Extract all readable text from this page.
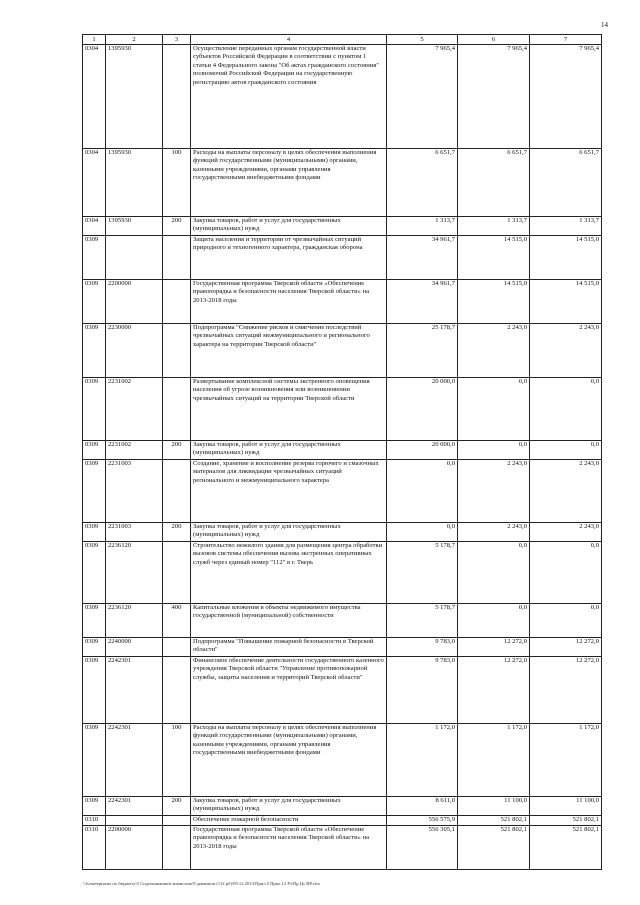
14
1	2	3	4	5	6	7
0304	1395930		Осуществление переданных органам государственной власти субъектов Российской Федерации в соответствии с пунктом 1 статьи 4 Федерального закона "Об актах гражданского состояния" полномочий Российской Федерации на государственную регистрацию актов гражданского состояния	7 965,4	7 965,4	7 965,4
0304	1395930	100	Расходы на выплаты персоналу в целях обеспечения выполнения функций государственными (муниципальными) органами, казенными учреждениями, органами управления государственными внебюджетными фондами	6 651,7	6 651,7	6 651,7
0304	1395930	200	Закупка товаров, работ и услуг для государственных (муниципальных) нужд	1 313,7	1 313,7	1 313,7
0309			Защита населения и территории от чрезвычайных ситуаций природного и техногенного характера, гражданская оборона	34 961,7	14 515,0	14 515,0
0309	2200000		Государственная программа Тверской области «Обеспечение правопорядка и безопасности населения Тверской области» на 2013-2018 годы	34 961,7	14 515,0	14 515,0
0309	2230000		Подпрограмма "Снижение рисков и смягчение последствий чрезвычайных ситуаций межмуниципального и регионального характера на территории Тверской области"	25 178,7	2 243,0	2 243,0
0309	2231002		Развертывание комплексной системы экстренного оповещения населения об угрозе возникновения или возникновении чрезвычайных ситуаций на территории Тверской области	20 000,0	0,0	0,0
0309	2231002	200	Закупка товаров, работ и услуг для государственных (муниципальных) нужд	20 000,0	0,0	0,0
0309	2231003		Создание, хранение и восполнение резерва горючего и смазочных материалов для ликвидации чрезвычайных ситуаций регионального и межмуниципального характера	0,0	2 243,0	2 243,0
0309	2231003	200	Закупка товаров, работ и услуг для государственных (муниципальных) нужд	0,0	2 243,0	2 243,0
0309	2236120		Строительство нежилого здания для размещения центра обработки вызовов системы обеспечения вызова экстренных оперативных служб через единый номер "112" в г. Тверь	5 178,7	0,0	0,0
0309	2236120	400	Капитальные вложения в объекты недвижимого имущества государственной (муниципальной) собственности	5 178,7	0,0	0,0
0309	2240000		Подпрограмма "Повышение пожарной безопасности в Тверской области"	9 783,0	12 272,0	12 272,0
0309	2242301		Финансовое обеспечение деятельности государственного казенного учреждения Тверской области "Управление противопожарной службы, защиты населения и территорий Тверской области"	9 783,0	12 272,0	12 272,0
0309	2242301	100	Расходы на выплаты персоналу в целях обеспечения выполнения функций государственными (муниципальными) органами, казенными учреждениями, органами управления государственными внебюджетными фондами	1 172,0	1 172,0	1 172,0
0309	2242301	200	Закупка товаров, работ и услуг для государственных (муниципальных) нужд	8 611,0	11 100,0	11 100,0
0310			Обеспечение пожарной безопасности	556 575,9	521 802,1	521 802,1
0310	2200000		Государственная программа Тверской области «Обеспечение правопорядка и безопасности населения Тверской области» на 2013-2018 годы	556 305,1	521 802,1	521 802,1
\\fs\материалы по бюджету\5 Сидельникова\в комиссию\9 дивизион (112 рб)\09.12.2013\Прил.5 Прил.12 Рз/Пр.Цс.ВР.xlsx
